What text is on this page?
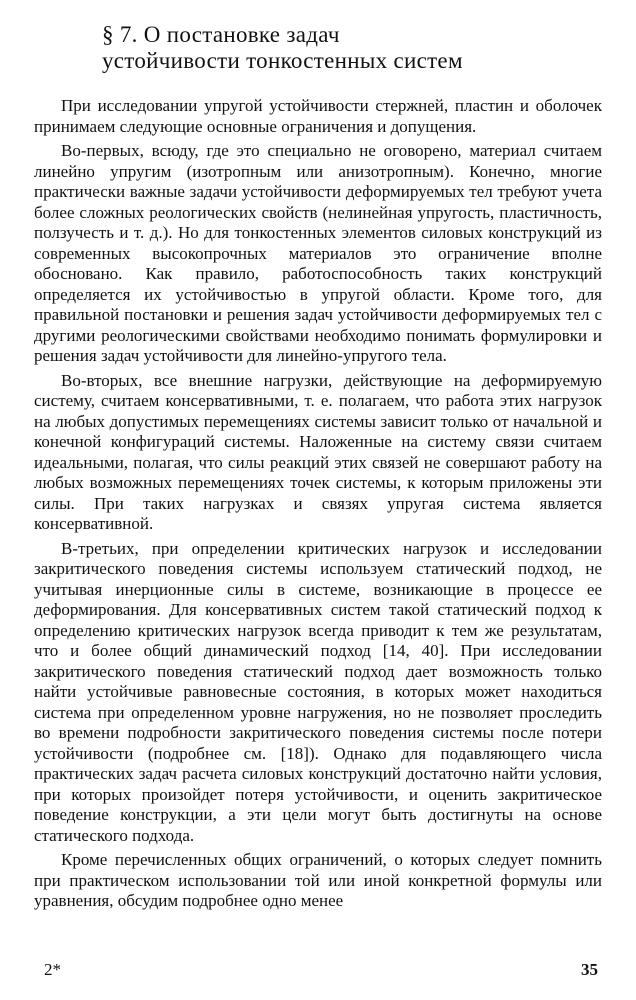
§ 7. О постановке задач
устойчивости тонкостенных систем

При исследовании упругой устойчивости стержней, пластин и оболочек принимаем следующие основные ограничения и допущения.

Во-первых, всюду, где это специально не оговорено, материал считаем линейно упругим (изотропным или анизотропным). Конечно, многие практически важные задачи устойчивости деформируемых тел требуют учета более сложных реологических свойств (нелинейная упругость, пластичность, ползучесть и т. д.). Но для тонкостенных элементов силовых конструкций из современных высокопрочных материалов это ограничение вполне обосновано. Как правило, работоспособность таких конструкций определяется их устойчивостью в упругой области. Кроме того, для правильной постановки и решения задач устойчивости деформируемых тел с другими реологическими свойствами необходимо понимать формулировки и решения задач устойчивости для линейно-упругого тела.

Во-вторых, все внешние нагрузки, действующие на деформируемую систему, считаем консервативными, т. е. полагаем, что работа этих нагрузок на любых допустимых перемещениях системы зависит только от начальной и конечной конфигураций системы. Наложенные на систему связи считаем идеальными, полагая, что силы реакций этих связей не совершают работу на любых возможных перемещениях точек системы, к которым приложены эти силы. При таких нагрузках и связях упругая система является консервативной.

В-третьих, при определении критических нагрузок и исследовании закритического поведения системы используем статический подход, не учитывая инерционные силы в системе, возникающие в процессе ее деформирования. Для консервативных систем такой статический подход к определению критических нагрузок всегда приводит к тем же результатам, что и более общий динамический подход [14, 40]. При исследовании закритического поведения статический подход дает возможность только найти устойчивые равновесные состояния, в которых может находиться система при определенном уровне нагружения, но не позволяет проследить во времени подробности закритического поведения системы после потери устойчивости (подробнее см. [18]). Однако для подавляющего числа практических задач расчета силовых конструкций достаточно найти условия, при которых произойдет потеря устойчивости, и оценить закритическое поведение конструкции, а эти цели могут быть достигнуты на основе статического подхода.

Кроме перечисленных общих ограничений, о которых следует помнить при практическом использовании той или иной конкретной формулы или уравнения, обсудим подробнее одно менее

2*	35
